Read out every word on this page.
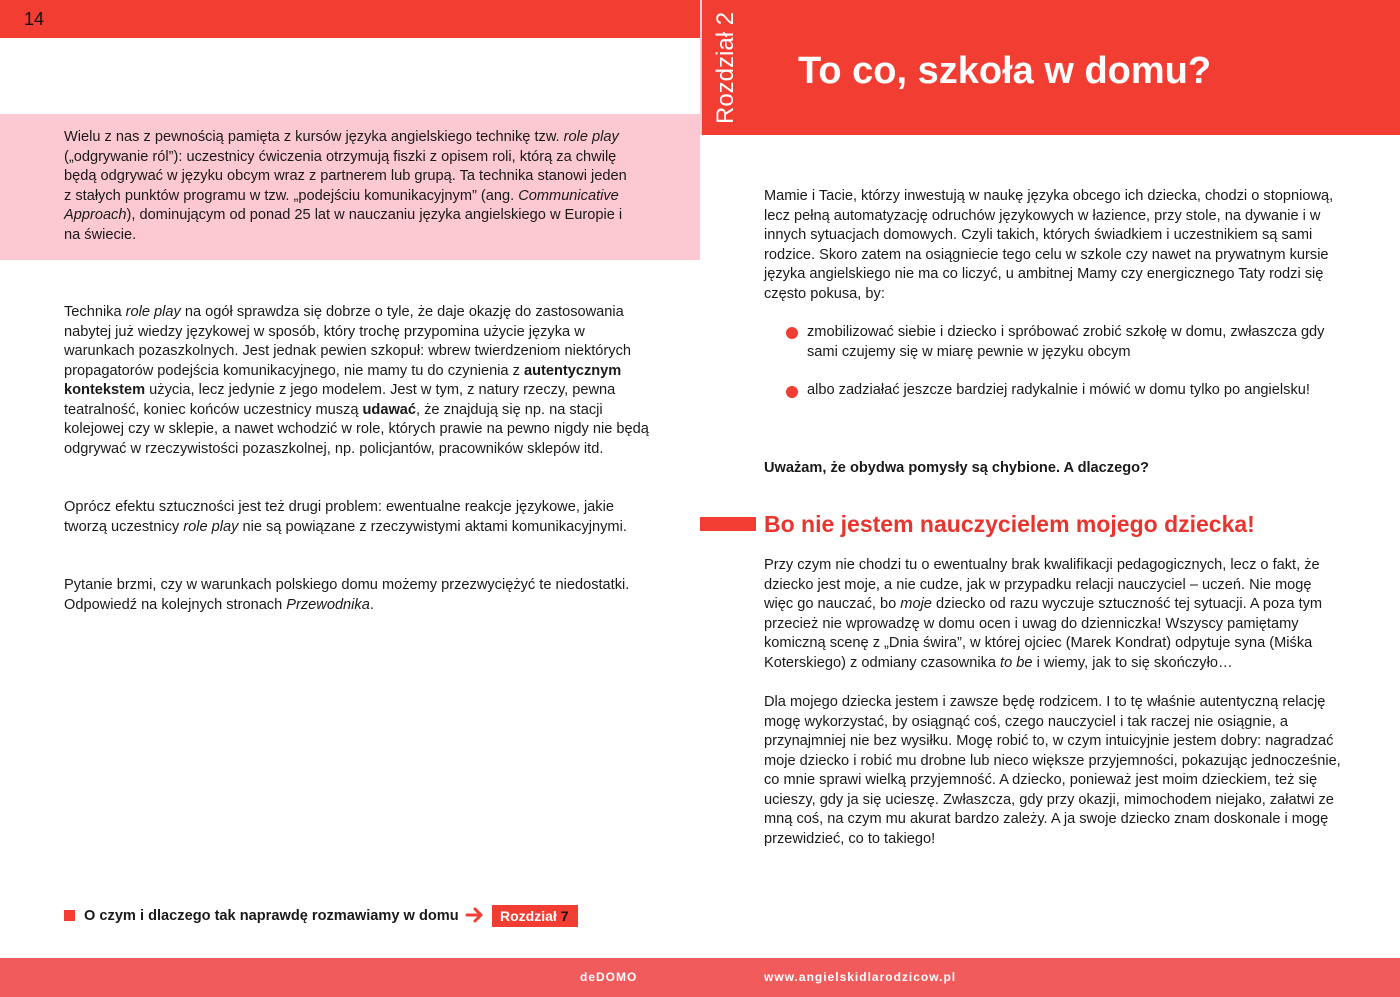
14

Wielu z nas z pewnością pamięta z kursów języka angielskiego technikę tzw. role play („odgrywanie ról”): uczestnicy ćwiczenia otrzymują fiszki z opisem roli, którą za chwilę będą odgrywać w języku obcym wraz z partnerem lub grupą. Ta technika stanowi jeden z stałych punktów programu w tzw. „podejściu komunikacyjnym” (ang. Communicative Approach), dominującym od ponad 25 lat w nauczaniu języka angielskiego w Europie i na świecie.

Technika role play na ogół sprawdza się dobrze o tyle, że daje okazję do zastosowania nabytej już wiedzy językowej w sposób, który trochę przypomina użycie języka w warunkach pozaszkolnych. Jest jednak pewien szkopuł: wbrew twierdzeniom niektórych propagatorów podejścia komunikacyjnego, nie mamy tu do czynienia z autentycznym kontekstem użycia, lecz jedynie z jego modelem. Jest w tym, z natury rzeczy, pewna teatralność, koniec końców uczestnicy muszą udawać, że znajdują się np. na stacji kolejowej czy w sklepie, a nawet wchodzić w role, których prawie na pewno nigdy nie będą odgrywać w rzeczywistości pozaszkolnej, np. policjantów, pracowników sklepów itd.

Oprócz efektu sztuczności jest też drugi problem: ewentualne reakcje językowe, jakie tworzą uczestnicy role play nie są powiązane z rzeczywistymi aktami komunikacyjnymi.

Pytanie brzmi, czy w warunkach polskiego domu możemy przezwyciężyć te niedostatki. Odpowiedź na kolejnych stronach Przewodnika.

O czym i dlaczego tak naprawdę rozmawiamy w domu	Rozdział 7
Rozdział 2 To co, szkoła w domu?

Mamie i Tacie, którzy inwestują w naukę języka obcego ich dziecka, chodzi o stopniową, lecz pełną automatyzację odruchów językowych w łazience, przy stole, na dywanie i w innych sytuacjach domowych. Czyli takich, których świadkiem i uczestnikiem są sami rodzice. Skoro zatem na osiągniecie tego celu w szkole czy nawet na prywatnym kursie języka angielskiego nie ma co liczyć, u ambitnej Mamy czy energicznego Taty rodzi się często pokusa, by:

zmobilizować siebie i dziecko i spróbować zrobić szkołę w domu, zwłaszcza gdy sami czujemy się w miarę pewnie w języku obcym

albo zadziałać jeszcze bardziej radykalnie i mówić w domu tylko po angielsku!

Uważam, że obydwa pomysły są chybione. A dlaczego?

Bo nie jestem nauczycielem mojego dziecka!

Przy czym nie chodzi tu o ewentualny brak kwalifikacji pedagogicznych, lecz o fakt, że dziecko jest moje, a nie cudze, jak w przypadku relacji nauczyciel – uczeń. Nie mogę więc go nauczać, bo moje dziecko od razu wyczuje sztuczność tej sytuacji. A poza tym przecież nie wprowadzę w domu ocen i uwag do dzienniczka! Wszyscy pamiętamy komiczną scenę z „Dnia świra”, w której ojciec (Marek Kondrat) odpytuje syna (Miśka Koterskiego) z odmiany czasownika to be i wiemy, jak to się skończyło…

Dla mojego dziecka jestem i zawsze będę rodzicem. I to tę właśnie autentyczną relację mogę wykorzystać, by osiągnąć coś, czego nauczyciel i tak raczej nie osiągnie, a przynajmniej nie bez wysiłku. Mogę robić to, w czym intuicyjnie jestem dobry: nagradzać moje dziecko i robić mu drobne lub nieco większe przyjemności, pokazując jednocześnie, co mnie sprawi wielką przyjemność. A dziecko, ponieważ jest moim dzieckiem, też się ucieszy, gdy ja się ucieszę. Zwłaszcza, gdy przy okazji, mimochodem niejako, załatwi ze mną coś, na czym mu akurat bardzo zależy. A ja swoje dziecko znam doskonale i mogę przewidzieć, co to takiego!

deDOMO	www.angielskidlarodzicow.pl
